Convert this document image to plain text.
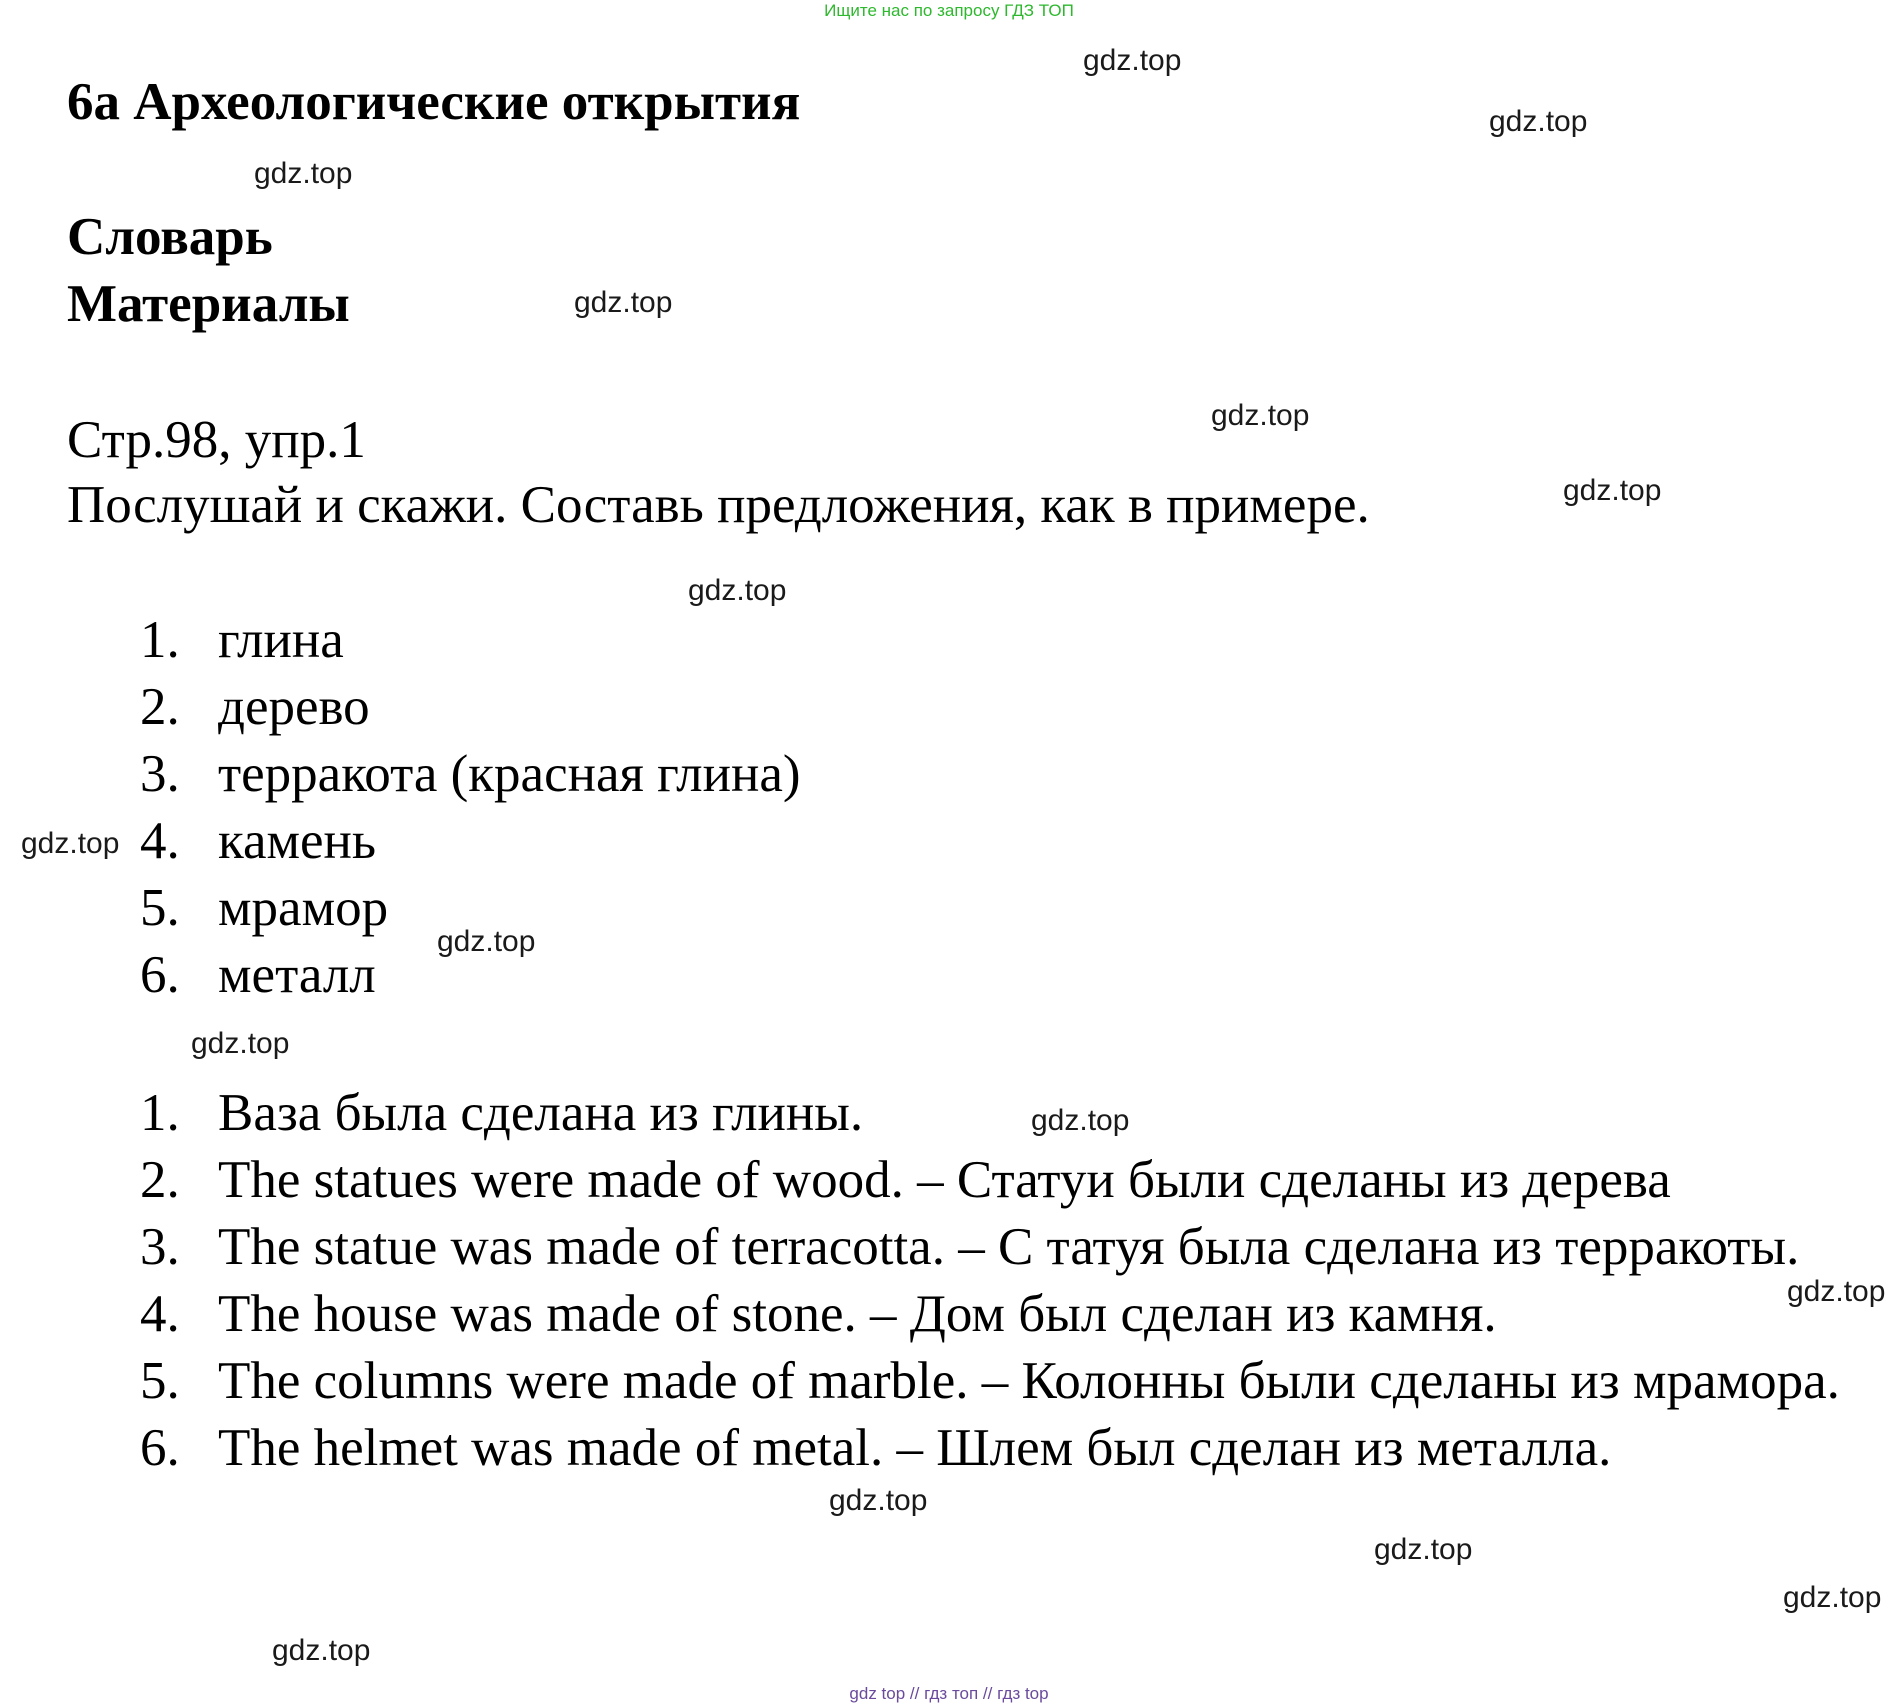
Ищите нас по запросу ГДЗ ТОП
6a Археологические открытия
Словарь
Материалы
Стр.98, упр.1
Послушай и скажи. Составь предложения, как в примере.
1. глина
2. дерево
3. терракота (красная глина)
4. камень
5. мрамор
6. металл
1. Ваза была сделана из глины.
2. The statues were made of wood. – Статуи были сделаны из дерева
3. The statue was made of terracotta. – С татуя была сделана из терракоты.
4. The house was made of stone. – Дом был сделан из камня.
5. The columns were made of marble. – Колонны были сделаны из мрамора.
6. The helmet was made of metal. – Шлем был сделан из металла.
gdz.top
gdz.top
gdz.top
gdz.top
gdz.top
gdz.top
gdz.top
gdz.top
gdz.top
gdz.top
gdz.top
gdz.top
gdz.top
gdz.top
gdz.top
gdz.top
gdz top // гдз топ // гдз top
